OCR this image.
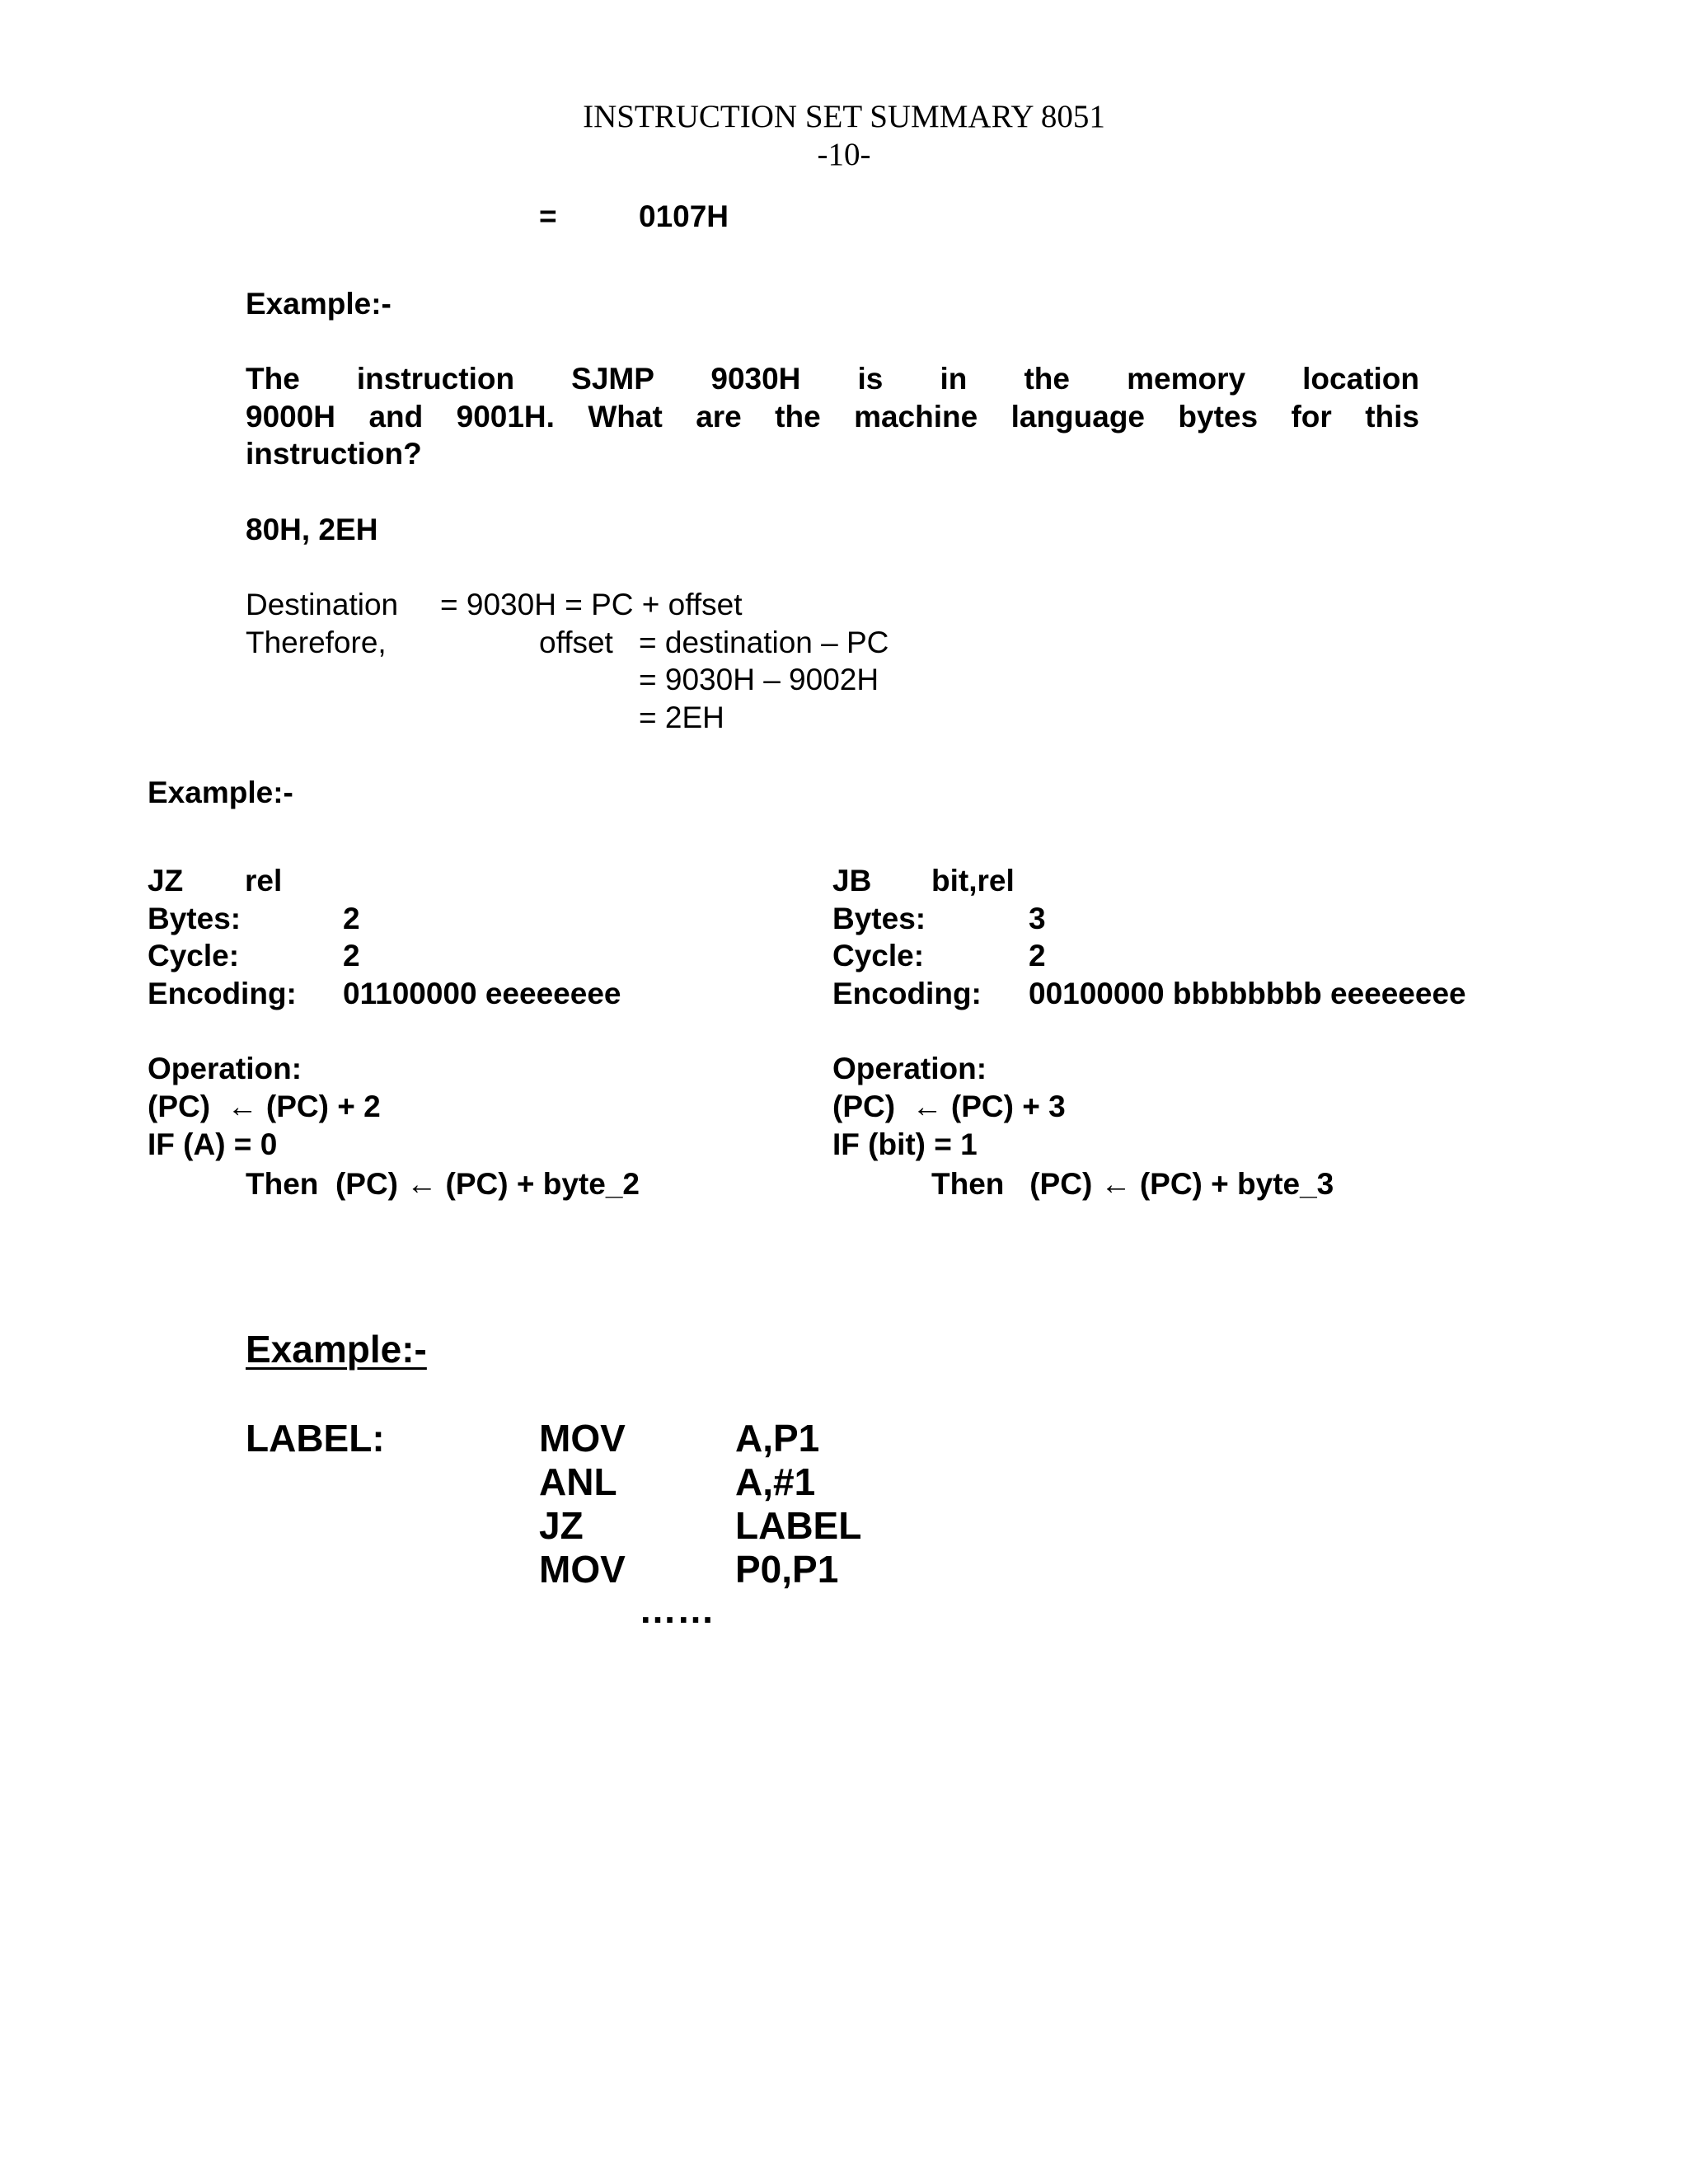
INSTRUCTION SET SUMMARY 8051
-10-
=	0107H
Example:-
The instruction SJMP 9030H is in the memory location
9000H and 9001H. What are the machine language bytes for this
instruction?
80H, 2EH
Destination = 9030H = PC + offset
Therefore,	offset = destination – PC
= 9030H – 9002H
= 2EH
Example:-
JZ rel
Bytes:	2
Cycle:	2
Encoding: 01100000 eeeeeeee
Operation:
(PC)  ← (PC) + 2
IF (A) = 0
Then  (PC) ← (PC) + byte_2
JB bit,rel
Bytes:	3
Cycle:	2
Encoding: 00100000 bbbbbbbb eeeeeeee
Operation:
(PC)  ← (PC) + 3
IF (bit) = 1
Then   (PC) ← (PC) + byte_3
Example:-
LABEL:	MOV	A,P1
ANL	A,#1
JZ	LABEL
MOV	P0,P1
……
